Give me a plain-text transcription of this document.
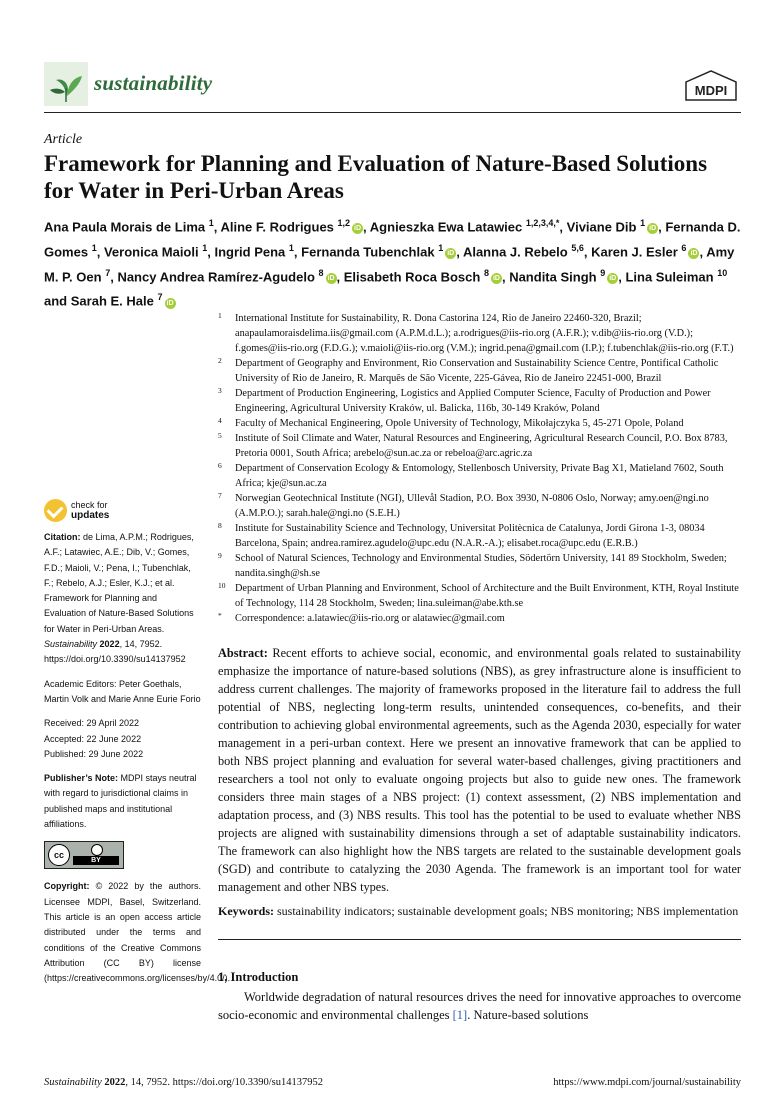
sustainability	MDPI
Article
Framework for Planning and Evaluation of Nature-Based Solutions for Water in Peri-Urban Areas
Ana Paula Morais de Lima $^1$, Aline F. Rodrigues $^{1,2}$iD , Agnieszka Ewa Latawiec $^{1,2,3,4,*}$, Viviane Dib $^1$iD , Fernanda D. Gomes $^1$, Veronica Maioli $^1$, Ingrid Pena $^1$, Fernanda Tubenchlak $^1$iD , Alanna J. Rebelo $^{5,6}$, Karen J. Esler $^6$iD , Amy M. P. Oen $^7$, Nancy Andrea Ramírez-Agudelo $^8$iD , Elisabeth Roca Bosch $^8$iD , Nandita Singh $^9$iD , Lina Suleiman $^{10}$ and Sarah E. Hale $^7$iD
1 International Institute for Sustainability, R. Dona Castorina 124, Rio de Janeiro 22460-320, Brazil; anapaulamoraisdelima.iis@gmail.com (A.P.M.d.L.); a.rodrigues@iis-rio.org (A.F.R.); v.dib@iis-rio.org (V.D.); f.gomes@iis-rio.org (F.D.G.); v.maioli@iis-rio.org (V.M.); ingrid.pena@gmail.com (I.P.); f.tubenchlak@iis-rio.org (F.T.)
2 Department of Geography and Environment, Rio Conservation and Sustainability Science Centre, Pontifical Catholic University of Rio de Janeiro, R. Marquês de São Vicente, 225-Gávea, Rio de Janeiro 22451-000, Brazil
3 Department of Production Engineering, Logistics and Applied Computer Science, Faculty of Production and Power Engineering, Agricultural University Kraków, ul. Balicka, 116b, 30-149 Kraków, Poland
4 Faculty of Mechanical Engineering, Opole University of Technology, Mikołajczyka 5, 45-271 Opole, Poland
5 Institute of Soil Climate and Water, Natural Resources and Engineering, Agricultural Research Council, P.O. Box 8783, Pretoria 0001, South Africa; arebelo@sun.ac.za or rebeloa@arc.agric.za
6 Department of Conservation Ecology & Entomology, Stellenbosch University, Private Bag X1, Matieland 7602, South Africa; kje@sun.ac.za
7 Norwegian Geotechnical Institute (NGI), Ullevål Stadion, P.O. Box 3930, N-0806 Oslo, Norway; amy.oen@ngi.no (A.M.P.O.); sarah.hale@ngi.no (S.E.H.)
8 Institute for Sustainability Science and Technology, Universitat Politècnica de Catalunya, Jordi Girona 1-3, 08034 Barcelona, Spain; andrea.ramirez.agudelo@upc.edu (N.A.R.-A.); elisabet.roca@upc.edu (E.R.B.)
9 School of Natural Sciences, Technology and Environmental Studies, Södertörn University, 141 89 Stockholm, Sweden; nandita.singh@sh.se
10 Department of Urban Planning and Environment, School of Architecture and the Built Environment, KTH, Royal Institute of Technology, 114 28 Stockholm, Sweden; lina.suleiman@abe.kth.se
* Correspondence: a.latawiec@iis-rio.org or alatawiec@gmail.com
check for
updates
Citation: de Lima, A.P.M.; Rodrigues, A.F.; Latawiec, A.E.; Dib, V.; Gomes, F.D.; Maioli, V.; Pena, I.; Tubenchlak, F.; Rebelo, A.J.; Esler, K.J.; et al. Framework for Planning and Evaluation of Nature-Based Solutions for Water in Peri-Urban Areas. Sustainability 2022, 14, 7952. https://doi.org/10.3390/su14137952
Academic Editors: Peter Goethals, Martin Volk and Marie Anne Eurie Forio
Received: 29 April 2022
Accepted: 22 June 2022
Published: 29 June 2022
Publisher’s Note: MDPI stays neutral with regard to jurisdictional claims in published maps and institutional affiliations.
cc
BY
Copyright: © 2022 by the authors. Licensee MDPI, Basel, Switzerland. This article is an open access article distributed under the terms and conditions of the Creative Commons Attribution (CC BY) license (https://creativecommons.org/licenses/by/4.0/).
Abstract: Recent efforts to achieve social, economic, and environmental goals related to sustainability emphasize the importance of nature-based solutions (NBS), as grey infrastructure alone is insufficient to address current challenges. The majority of frameworks proposed in the literature fail to address the full potential of NBS, neglecting long-term results, unintended consequences, co-benefits, and their contribution to achieving global environmental agreements, such as the Agenda 2030, especially for water management in a peri-urban context. Here we present an innovative framework that can be applied to both NBS project planning and evaluation for several water-based challenges, giving practitioners and researchers a tool not only to evaluate ongoing projects but also to guide new ones. The framework considers three main stages of a NBS project: (1) context assessment, (2) NBS implementation and adaptation process, and (3) NBS results. This tool has the potential to be used to evaluate whether NBS projects are aligned with sustainability dimensions through a set of adaptable sustainability indicators. The framework can also highlight how the NBS targets are related to the sustainable development goals (SGD) and contribute to catalyzing the 2030 Agenda. The framework is an important tool for water management and other NBS types.
Keywords: sustainability indicators; sustainable development goals; NBS monitoring; NBS implementation
1. Introduction
Worldwide degradation of natural resources drives the need for innovative approaches to overcome socio-economic and environmental challenges [1]. Nature-based solutions
Sustainability 2022, 14, 7952. https://doi.org/10.3390/su14137952	https://www.mdpi.com/journal/sustainability
